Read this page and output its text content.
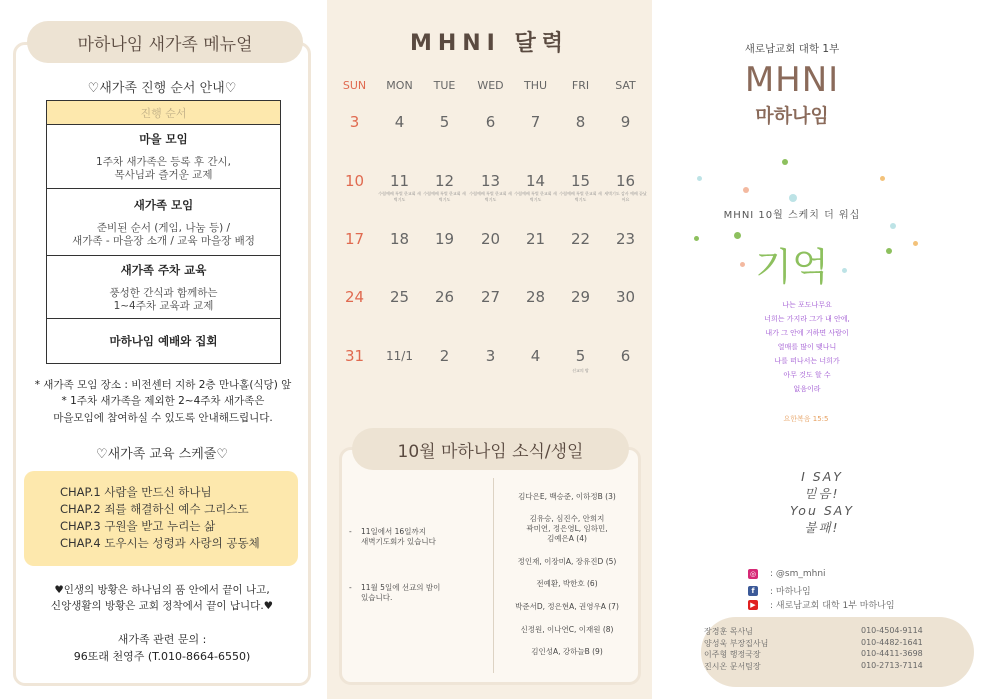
마하나임 새가족 메뉴얼
♡새가족 진행 순서 안내♡
진행 순서
마을 모임
1주차 새가족은 등록 후 간시,
목사님과 즐거운 교제
새가족 모임
준비된 순서 (게임, 나눔 등) /
새가족 - 마을장 소개 / 교육 마을장 배정
새가족 주차 교육
풍성한 간식과 함께하는
1~4주차 교육과 교제
마하나임 예배와 집회
* 새가족 모임 장소 : 비전센터 지하 2층 만나홀(식당) 앞
* 1주차 새가족을 제외한 2~4주차 새가족은
마을모임에 참여하실 수 있도록 안내해드립니다.
♡새가족 교육 스케줄♡
CHAP.1 사람을 만드신 하나님
CHAP.2 죄를 해결하신 예수 그리스도
CHAP.3 구원을 받고 누리는 삶
CHAP.4 도우시는 성령과 사랑의 공동체
♥인생의 방황은 하나님의 품 안에서 끝이 나고,
신앙생활의 방황은 교회 정착에서 끝이 납니다.♥
새가족 관련 문의 :
96또래 천영주 (T.010-8664-6550)
MHNI 달력
10월 마하나임 소식/생일
- 11일에서 16일까지
새벽기도회가 있습니다
- 11월 5일에 선교의 밤이
있습니다.
김다은E, 백승준, 이하정B (3)
김유승, 심진수, 안희지
곽미연, 정은영L, 임하민,
김예은A (4)
정인재, 이장미A, 장유진D (5)
전예환, 박한호 (6)
박준서D, 정은현A, 권영우A (7)
신정원, 이나연C, 이재원 (8)
김인성A, 강하늘B (9)
SUN	MON	TUE	WED	THU	FRI	SAT
3	4	5	6	7	8	9
10	11	12	13	14	15	16
17	18	19	20	21	22	23
24	25	26	27	28	29	30
31	11/1	2	3	4	5	6
수렴예배 특별 한교회 새벽기도
수렴예배 특별 한교회 새벽기도
수렴예배 특별 한교회 새벽기도
수렴예배 특별 한교회 새벽기도
수렴예배 특별 한교회 새벽기도
새벽기도 감사 예배 끝났어요
선교의 밤
새로남교회 대학 1부
MHNI
마하나임
MHNI 10월 스케치 더 워십
기억
나는 포도나무요
너희는 가지라 그가 내 안에,
내가 그 안에 거하면 사람이
열매를 많이 맺나니
나를 떠나서는 너희가
아무 것도 할 수
없음이라
요한복음 15:5
I SAY
믿음!
You SAY
불패!
◎ : @sm_mhni
f	: 마하나임
▶ : 새로남교회 대학 1부 마하나임
장경훈 목사님	010-4504-9114
양성욱 부장집사님	010-4482-1641
이주형 행정국장	010-4411-3698
진시온 문서팀장	010-2713-7114
